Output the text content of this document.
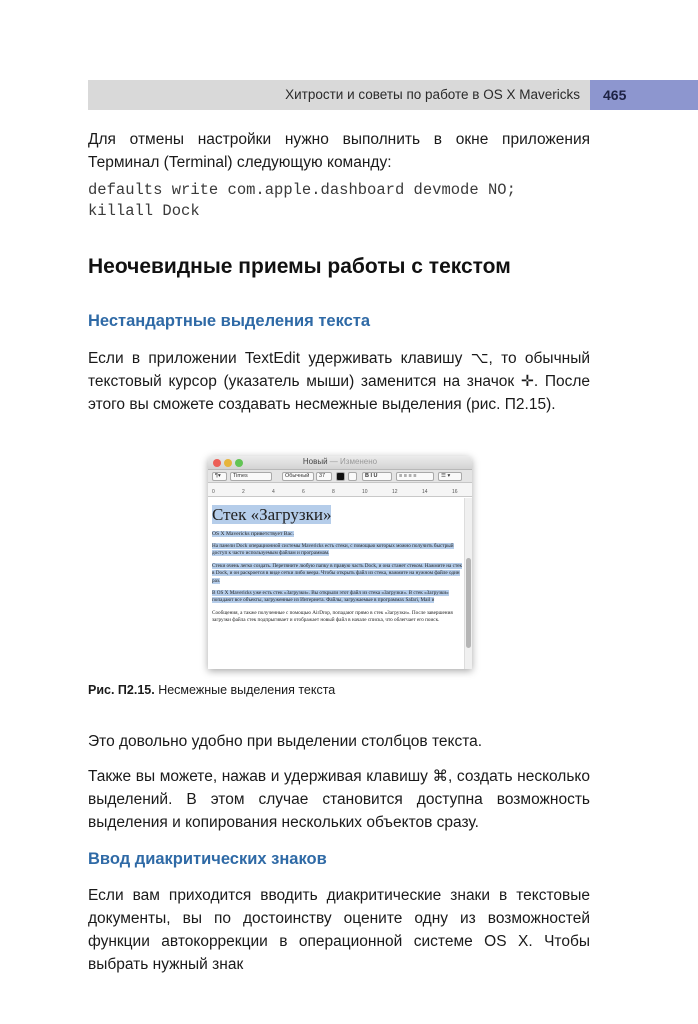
Хитрости и советы по работе в OS X Mavericks	465
Для отмены настройки нужно выполнить в окне приложения Терминал (Terminal) следующую команду:
defaults write com.apple.dashboard devmode NO;
killall Dock
Неочевидные приемы работы с текстом
Нестандартные выделения текста
Если в приложении TextEdit удерживать клавишу ⌥, то обычный текстовый курсор (указатель мыши) заменится на значок ✛. После этого вы сможете создавать несмежные выделения (рис. П2.15).
Новый — Изменено
¶▾	Times	Обычный	37	B I U	≡ ≡ ≡ ≡	☰ ▾
0	2	4	6	8	10	12	14	16
Стек «Загрузки»
OS X Mavericks приветствует Вас.
На панели Dock операционной системы Mavericks есть стеки, с помощью которых можно получить быстрый доступ к часто используемым файлам и программам.
Стеки очень легко создать. Перетяните любую папку в правую часть Dock, и она станет стеком. Нажмите на стек в Dock, и он раскроется в виде сетки либо веера. Чтобы открыть файл из стека, нажмите на нужном файле один раз.
В OS X Mavericks уже есть стек «Загрузки». Вы открыли этот файл из стека «Загрузки». В стек «Загрузки» попадают все объекты, загруженные из Интернета. Файлы, загружаемые в программах Safari, Mail и
Сообщения, а также полученные с помощью AirDrop, попадают прямо в стек «Загрузки». После завершения загрузки файла стек подпрыгивает и отображает новый файл в начале списка, что облегчает его поиск.
Рис. П2.15. Несмежные выделения текста
Это довольно удобно при выделении столбцов текста.
Также вы можете, нажав и удерживая клавишу ⌘, создать несколько выделений. В этом случае становится доступна возможность выделения и копирования нескольких объектов сразу.
Ввод диакритических знаков
Если вам приходится вводить диакритические знаки в текстовые документы, вы по достоинству оцените одну из возможностей функции автокоррекции в операционной системе OS X. Чтобы выбрать нужный знак
